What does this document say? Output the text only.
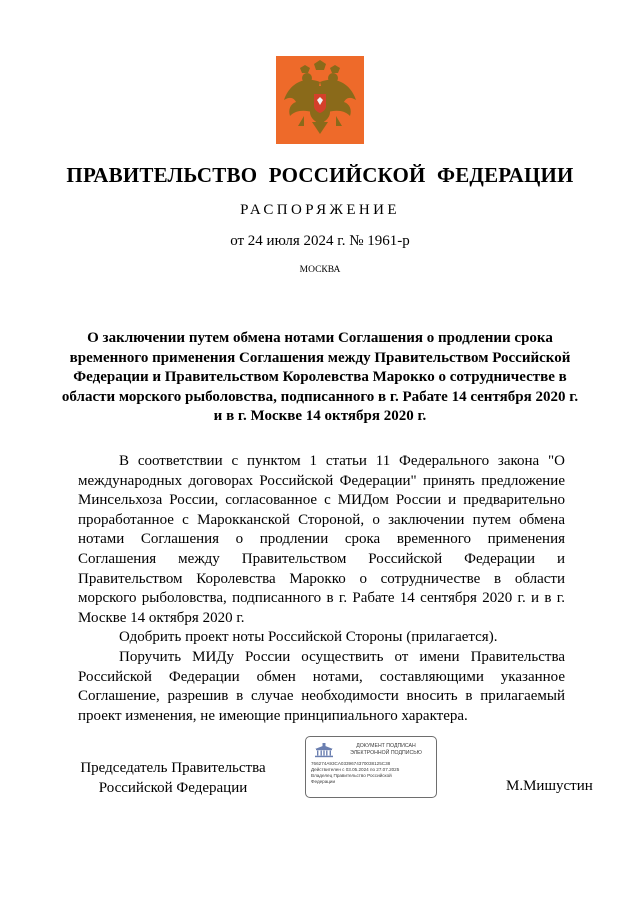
ПРАВИТЕЛЬСТВО РОССИЙСКОЙ ФЕДЕРАЦИИ
РАСПОРЯЖЕНИЕ
от 24 июля 2024 г. № 1961-р
МОСКВА
О заключении путем обмена нотами Соглашения о продлении срока временного применения Соглашения между Правительством Российской Федерации и Правительством Королевства Марокко о сотрудничестве в области морского рыболовства, подписанного в г. Рабате 14 сентября 2020 г. и в г. Москве 14 октября 2020 г.

В соответствии с пунктом 1 статьи 11 Федерального закона "О международных договорах Российской Федерации" принять предложение Минсельхоза России, согласованное с МИДом России и предварительно проработанное с Марокканской Стороной, о заключении путем обмена нотами Соглашения о продлении срока временного применения Соглашения между Правительством Российской Федерации и Правительством Королевства Марокко о сотрудничестве в области морского рыболовства, подписанного в г. Рабате 14 сентября 2020 г. и в г. Москве 14 октября 2020 г.

Одобрить проект ноты Российской Стороны (прилагается).

Поручить МИДу России осуществить от имени Правительства Российской Федерации обмен нотами, составляющими указанное Соглашение, разрешив в случае необходимости вносить в прилагаемый проект изменения, не имеющие принципиального характера.

Председатель Правительства
Российской Федерации
ДОКУМЕНТ ПОДПИСАН
ЭЛЕКТРОННОЙ ПОДПИСЬЮ
766274A93CA0339674370038125C38
Действителен с 03.05.2024 по 27.07.2025
Владелец Правительство Российской
Федерации	М.Мишустин
